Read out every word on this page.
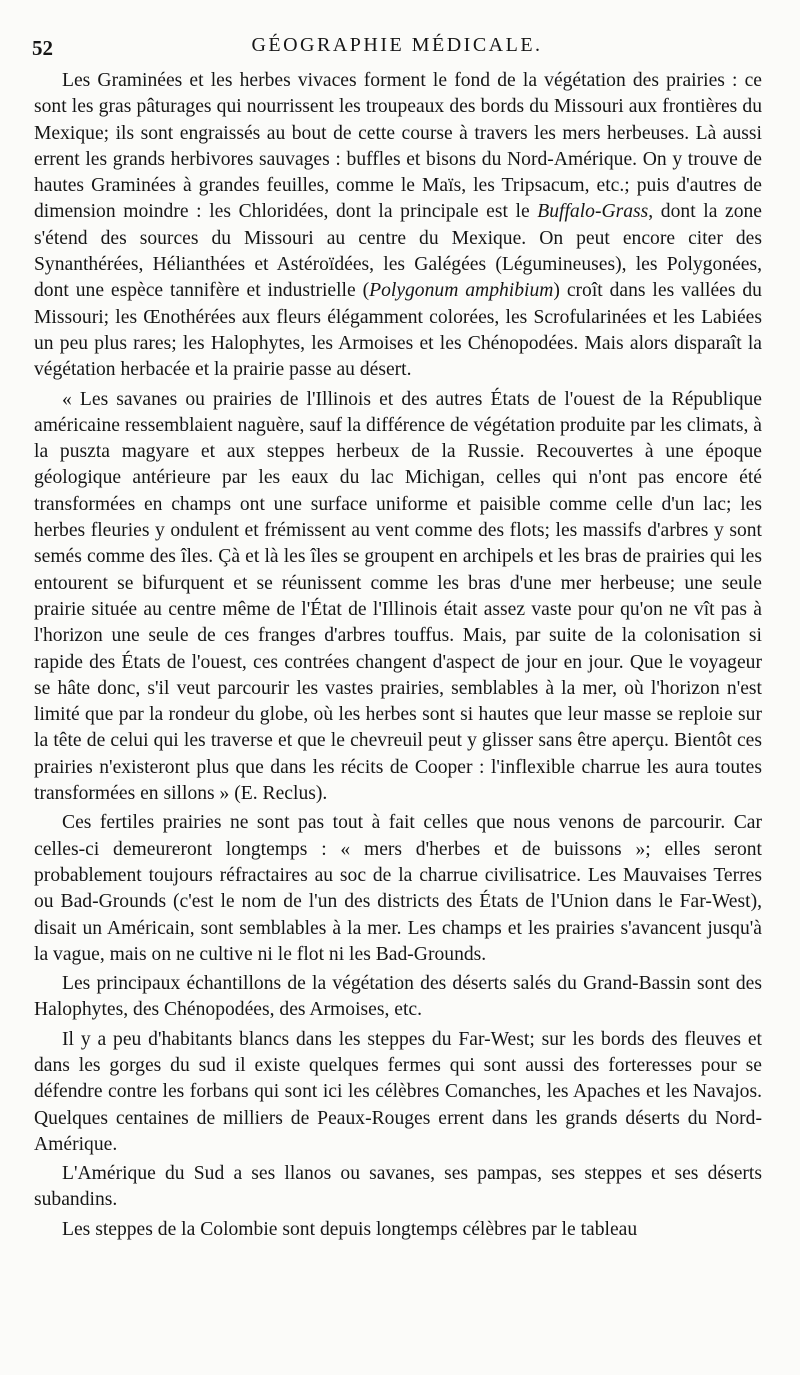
52	GÉOGRAPHIE MÉDICALE.

Les Graminées et les herbes vivaces forment le fond de la végétation des prairies : ce sont les gras pâturages qui nourrissent les troupeaux des bords du Missouri aux frontières du Mexique; ils sont engraissés au bout de cette course à travers les mers herbeuses. Là aussi errent les grands herbivores sauvages : buffles et bisons du Nord-Amérique. On y trouve de hautes Graminées à grandes feuilles, comme le Maïs, les Tripsacum, etc.; puis d'autres de dimension moindre : les Chloridées, dont la principale est le Buffalo-Grass, dont la zone s'étend des sources du Missouri au centre du Mexique. On peut encore citer des Synanthérées, Hélianthées et Astéroïdées, les Galégées (Légumineuses), les Polygonées, dont une espèce tannifère et industrielle (Polygonum amphibium) croît dans les vallées du Missouri; les Œnothérées aux fleurs élégamment colorées, les Scrofularinées et les Labiées un peu plus rares; les Halophytes, les Armoises et les Chénopodées. Mais alors disparaît la végétation herbacée et la prairie passe au désert.

« Les savanes ou prairies de l'Illinois et des autres États de l'ouest de la République américaine ressemblaient naguère, sauf la différence de végétation produite par les climats, à la puszta magyare et aux steppes herbeux de la Russie. Recouvertes à une époque géologique antérieure par les eaux du lac Michigan, celles qui n'ont pas encore été transformées en champs ont une surface uniforme et paisible comme celle d'un lac; les herbes fleuries y ondulent et frémissent au vent comme des flots; les massifs d'arbres y sont semés comme des îles. Çà et là les îles se groupent en archipels et les bras de prairies qui les entourent se bifurquent et se réunissent comme les bras d'une mer herbeuse; une seule prairie située au centre même de l'État de l'Illinois était assez vaste pour qu'on ne vît pas à l'horizon une seule de ces franges d'arbres touffus. Mais, par suite de la colonisation si rapide des États de l'ouest, ces contrées changent d'aspect de jour en jour. Que le voyageur se hâte donc, s'il veut parcourir les vastes prairies, semblables à la mer, où l'horizon n'est limité que par la rondeur du globe, où les herbes sont si hautes que leur masse se reploie sur la tête de celui qui les traverse et que le chevreuil peut y glisser sans être aperçu. Bientôt ces prairies n'existeront plus que dans les récits de Cooper : l'inflexible charrue les aura toutes transformées en sillons » (E. Reclus).

Ces fertiles prairies ne sont pas tout à fait celles que nous venons de parcourir. Car celles-ci demeureront longtemps : « mers d'herbes et de buissons »; elles seront probablement toujours réfractaires au soc de la charrue civilisatrice. Les Mauvaises Terres ou Bad-Grounds (c'est le nom de l'un des districts des États de l'Union dans le Far-West), disait un Américain, sont semblables à la mer. Les champs et les prairies s'avancent jusqu'à la vague, mais on ne cultive ni le flot ni les Bad-Grounds.

Les principaux échantillons de la végétation des déserts salés du Grand-Bassin sont des Halophytes, des Chénopodées, des Armoises, etc.

Il y a peu d'habitants blancs dans les steppes du Far-West; sur les bords des fleuves et dans les gorges du sud il existe quelques fermes qui sont aussi des forteresses pour se défendre contre les forbans qui sont ici les célèbres Comanches, les Apaches et les Navajos. Quelques centaines de milliers de Peaux-Rouges errent dans les grands déserts du Nord-Amérique.

L'Amérique du Sud a ses llanos ou savanes, ses pampas, ses steppes et ses déserts subandins.

Les steppes de la Colombie sont depuis longtemps célèbres par le tableau
